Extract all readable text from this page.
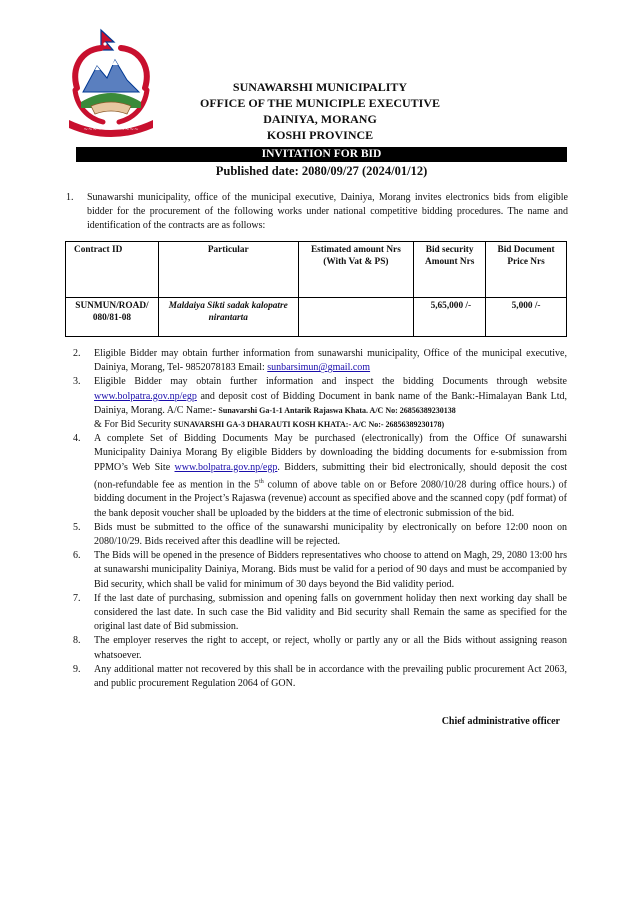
~~~~~~~~~~~~
SUNAWARSHI MUNICIPALITY
OFFICE OF THE MUNICIPLE EXECUTIVE
DAINIYA, MORANG
KOSHI PROVINCE
INVITATION FOR BID
Published date: 2080/09/27 (2024/01/12)
1. Sunawarshi municipality, office of the municipal executive, Dainiya, Morang invites electronics bids from eligible bidder for the procurement of the following works under national competitive bidding procedures. The name and identification of the contracts are as follows:
Contract ID	Particular	Estimated amount Nrs (With Vat & PS)	Bid security Amount Nrs	Bid Document Price Nrs
SUNMUN/ROAD/ 080/81-08	Maldaiya Sikti sadak kalopatre nirantarta		5,65,000 /-	5,000 /-
2. Eligible Bidder may obtain further information from sunawarshi municipality, Office of the municipal executive, Dainiya, Morang, Tel- 9852078183 Email: sunbarsimun@gmail.com
3. Eligible Bidder may obtain further information and inspect the bidding Documents through website www.bolpatra.gov.np/egp and deposit cost of Bidding Document in bank name of the Bank:-Himalayan Bank Ltd, Dainiya, Morang. A/C Name:- Sunavarshi Ga-1-1 Antarik Rajaswa Khata. A/C No: 26856389230138
& For Bid Security SUNAVARSHI GA-3 DHARAUTI KOSH KHATA:- A/C No:- 26856389230178)
4. A complete Set of Bidding Documents May be purchased (electronically) from the Office Of sunawarshi Municipality Dainiya Morang By eligible Bidders by downloading the bidding documents for e-submission from PPMO’s Web Site www.bolpatra.gov.np/egp. Bidders, submitting their bid electronically, should deposit the cost (non-refundable fee as mention in the 5th column of above table on or Before 2080/10/28 during office hours.) of bidding document in the Project’s Rajaswa (revenue) account as specified above and the scanned copy (pdf format) of the bank deposit voucher shall be uploaded by the bidders at the time of electronic submission of the bid.
5. Bids must be submitted to the office of the sunawarshi municipality by electronically on before 12:00 noon on 2080/10/29. Bids received after this deadline will be rejected.
6. The Bids will be opened in the presence of Bidders representatives who choose to attend on Magh, 29, 2080 13:00 hrs at sunawarshi municipality Dainiya, Morang. Bids must be valid for a period of 90 days and must be accompanied by Bid security, which shall be valid for minimum of 30 days beyond the Bid validity period.
7. If the last date of purchasing, submission and opening falls on government holiday then next working day shall be considered the last date. In such case the Bid validity and Bid security shall Remain the same as specified for the original last date of Bid submission.
8. The employer reserves the right to accept, or reject, wholly or partly any or all the Bids without assigning reason whatsoever.
9. Any additional matter not recovered by this shall be in accordance with the prevailing public procurement Act 2063, and public procurement Regulation 2064 of GON.
Chief administrative officer
